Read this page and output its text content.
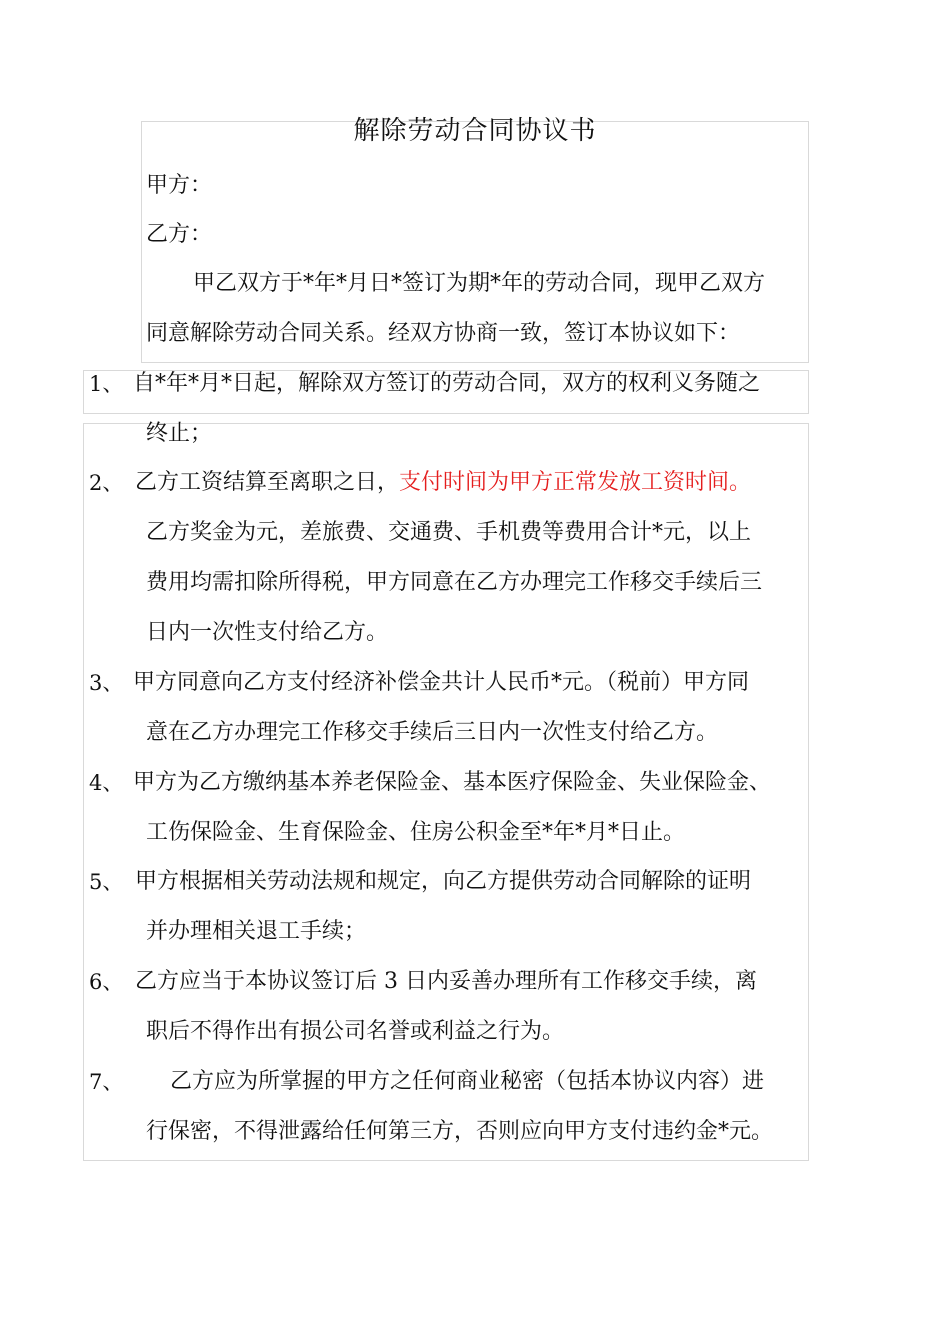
解除劳动合同协议书
甲方：
乙方：
甲乙双方于*年*月日*签订为期*年的劳动合同，现甲乙双方
同意解除劳动合同关系。经双方协商一致，签订本协议如下：
1、 自*年*月*日起，解除双方签订的劳动合同，双方的权利义务随之
终止；
2、 乙方工资结算至离职之日，支付时间为甲方正常发放工资时间。
乙方奖金为元，差旅费、交通费、手机费等费用合计*元，以上
费用均需扣除所得税，甲方同意在乙方办理完工作移交手续后三
日内一次性支付给乙方。
3、 甲方同意向乙方支付经济补偿金共计人民币*元。（税前）甲方同
意在乙方办理完工作移交手续后三日内一次性支付给乙方。
4、 甲方为乙方缴纳基本养老保险金、基本医疗保险金、失业保险金、
工伤保险金、生育保险金、住房公积金至*年*月*日止。
5、 甲方根据相关劳动法规和规定，向乙方提供劳动合同解除的证明
并办理相关退工手续；
6、 乙方应当于本协议签订后 3 日内妥善办理所有工作移交手续，离
职后不得作出有损公司名誉或利益之行为。
7、 乙方应为所掌握的甲方之任何商业秘密（包括本协议内容）进
行保密，不得泄露给任何第三方，否则应向甲方支付违约金*元。
